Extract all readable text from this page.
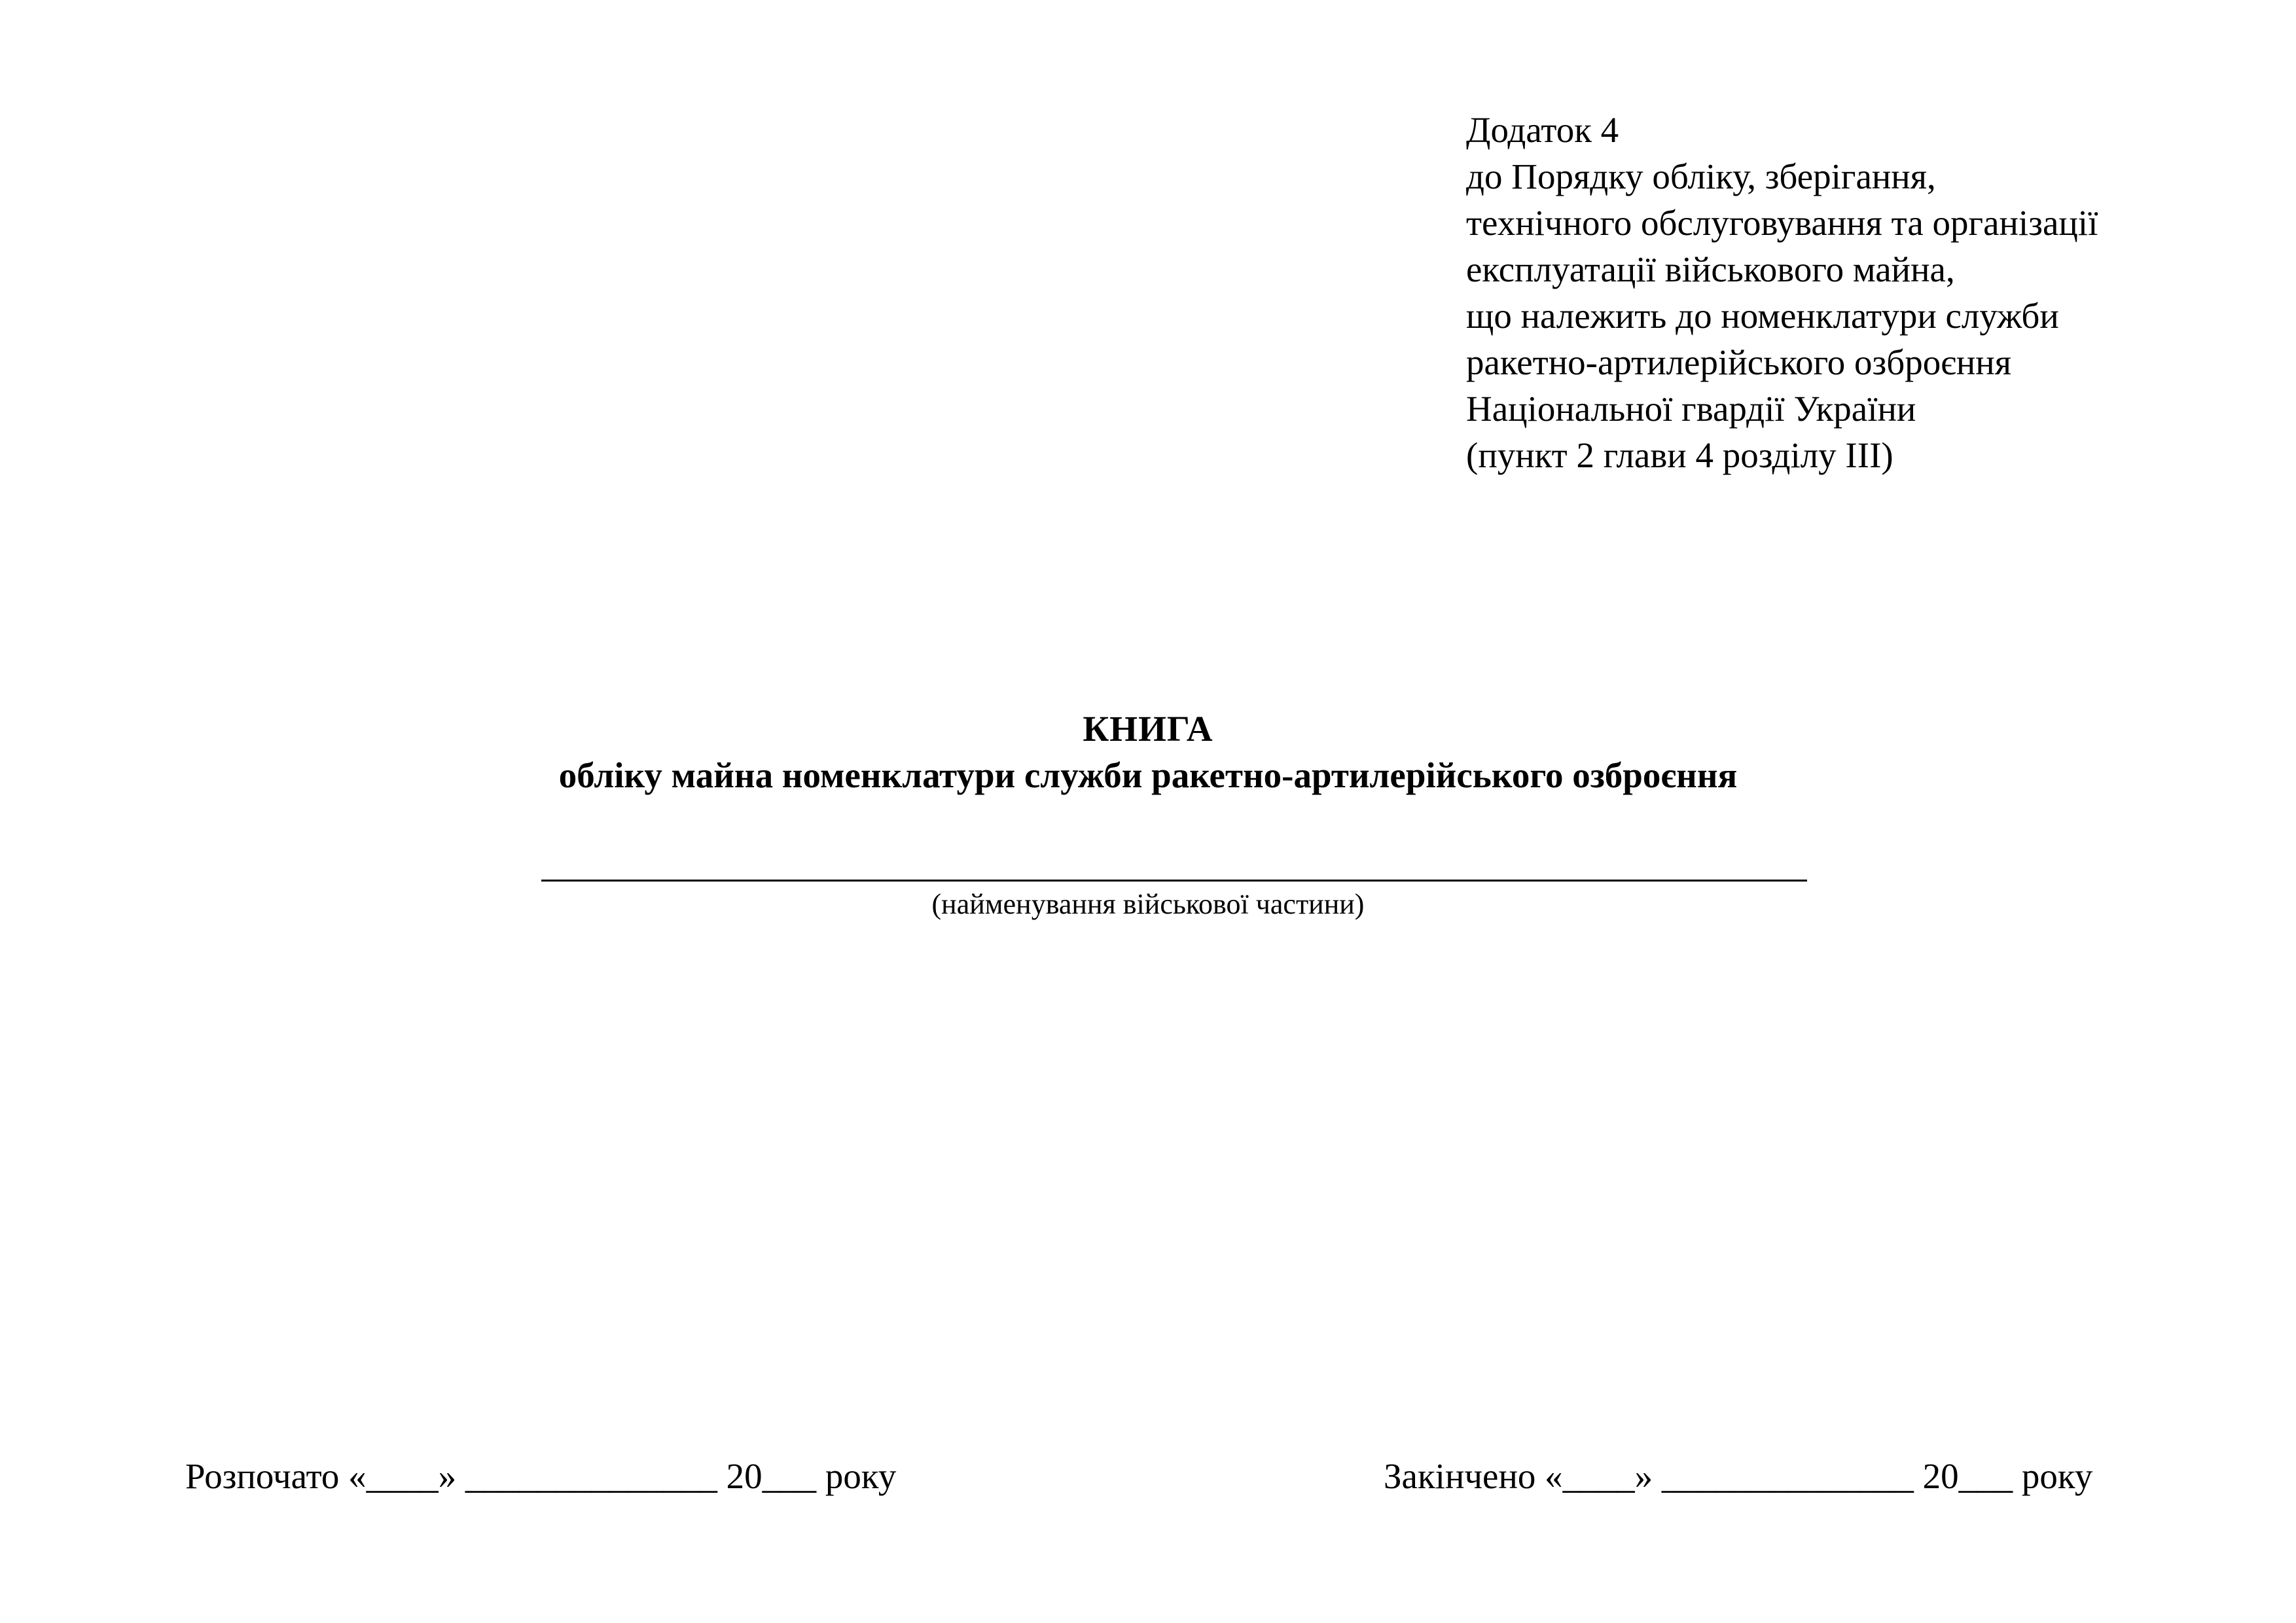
Додаток 4
до Порядку обліку, зберігання,
технічного обслуговування та організації
експлуатації військового майна,
що належить до номенклатури служби
ракетно-артилерійського озброєння
Національної гвардії України
(пункт 2 глави 4 розділу III)
КНИГА
обліку майна номенклатури служби ракетно-артилерійського озброєння
(найменування військової частини)
Розпочато «____» ______________ 20___ року	Закінчено «____» ______________ 20___ року
